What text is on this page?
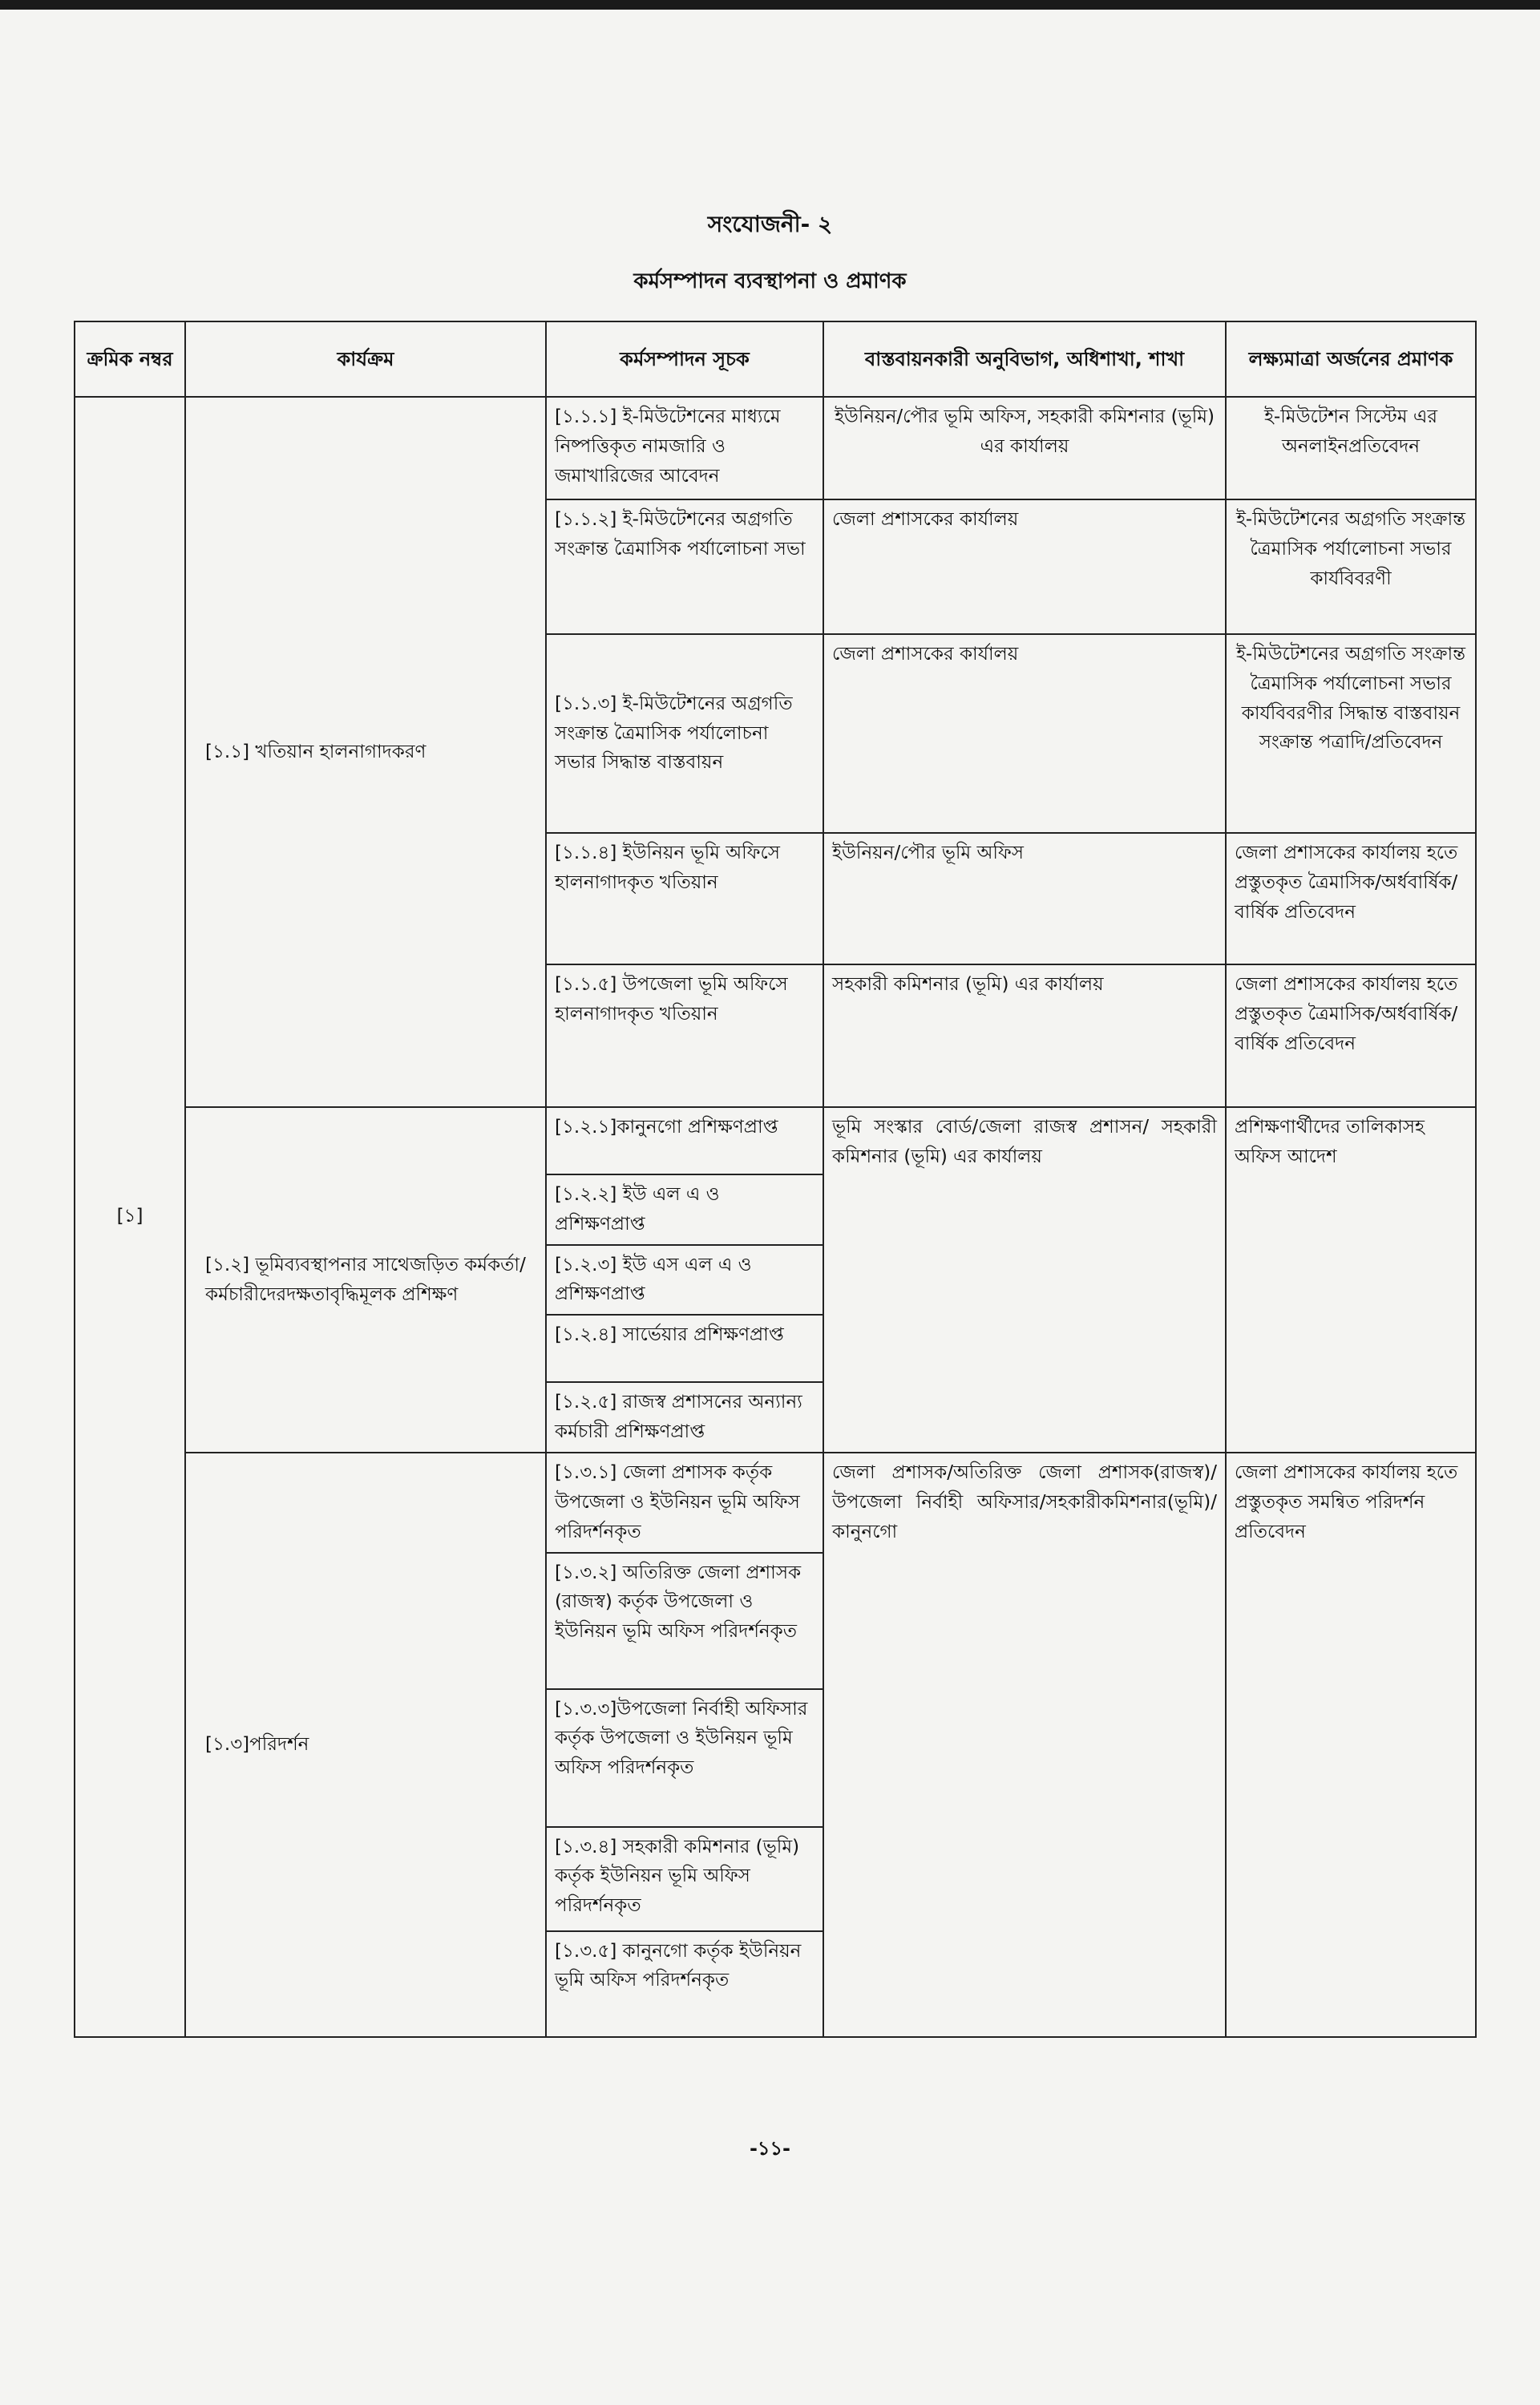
সংযোজনী- ২
কর্মসম্পাদন ব্যবস্থাপনা ও প্রমাণক
ক্রমিক নম্বর	কার্যক্রম	কর্মসম্পাদন সূচক	বাস্তবায়নকারী অনুবিভাগ, অধিশাখা, শাখা	লক্ষ্যমাত্রা অর্জনের প্রমাণক
[১]	[১.১] খতিয়ান হালনাগাদকরণ	[১.১.১] ই-মিউটেশনের মাধ্যমে নিষ্পত্তিকৃত নামজারি ও জমাখারিজের আবেদন	ইউনিয়ন/পৌর ভূমি অফিস, সহকারী কমিশনার (ভূমি) এর কার্যালয়	ই-মিউটেশন সিস্টেম এর অনলাইনপ্রতিবেদন
		[১.১.২] ই-মিউটেশনের অগ্রগতি সংক্রান্ত ত্রৈমাসিক পর্যালোচনা সভা	জেলা প্রশাসকের কার্যালয়	ই-মিউটেশনের অগ্রগতি সংক্রান্ত ত্রৈমাসিক পর্যালোচনা সভার কার্যবিবরণী
		[১.১.৩] ই-মিউটেশনের অগ্রগতি সংক্রান্ত ত্রৈমাসিক পর্যালোচনা সভার সিদ্ধান্ত বাস্তবায়ন	জেলা প্রশাসকের কার্যালয়	ই-মিউটেশনের অগ্রগতি সংক্রান্ত ত্রৈমাসিক পর্যালোচনা সভার কার্যবিবরণীর সিদ্ধান্ত বাস্তবায়ন সংক্রান্ত পত্রাদি/প্রতিবেদন
		[১.১.৪] ইউনিয়ন ভূমি অফিসে হালনাগাদকৃত খতিয়ান	ইউনিয়ন/পৌর ভূমি অফিস	জেলা প্রশাসকের কার্যালয় হতে প্রস্তুতকৃত ত্রৈমাসিক/অর্ধবার্ষিক/বার্ষিক প্রতিবেদন
		[১.১.৫] উপজেলা ভূমি অফিসে হালনাগাদকৃত খতিয়ান	সহকারী কমিশনার (ভূমি) এর কার্যালয়	জেলা প্রশাসকের কার্যালয় হতে প্রস্তুতকৃত ত্রৈমাসিক/অর্ধবার্ষিক/বার্ষিক প্রতিবেদন
	[১.২] ভূমিব্যবস্থাপনার সাথেজড়িত কর্মকর্তা/কর্মচারীদেরদক্ষতাবৃদ্ধিমূলক প্রশিক্ষণ	[১.২.১]কানুনগো প্রশিক্ষণপ্রাপ্ত	ভূমি সংস্কার বোর্ড/জেলা রাজস্ব প্রশাসন/ সহকারী কমিশনার (ভূমি) এর কার্যালয়	প্রশিক্ষণার্থীদের তালিকাসহ অফিস আদেশ
		[১.২.২] ইউ এল এ ও প্রশিক্ষণপ্রাপ্ত		
		[১.২.৩] ইউ এস এল এ ও প্রশিক্ষণপ্রাপ্ত		
		[১.২.৪] সার্ভেয়ার প্রশিক্ষণপ্রাপ্ত		
		[১.২.৫] রাজস্ব প্রশাসনের অন্যান্য কর্মচারী প্রশিক্ষণপ্রাপ্ত		
	[১.৩]পরিদর্শন	[১.৩.১] জেলা প্রশাসক কর্তৃক উপজেলা ও ইউনিয়ন ভূমি অফিস পরিদর্শনকৃত	জেলা প্রশাসক/অতিরিক্ত জেলা প্রশাসক(রাজস্ব)/উপজেলা নির্বাহী অফিসার/সহকারীকমিশনার(ভূমি)/কানুনগো	জেলা প্রশাসকের কার্যালয় হতে প্রস্তুতকৃত সমন্বিত পরিদর্শন প্রতিবেদন
		[১.৩.২] অতিরিক্ত জেলা প্রশাসক (রাজস্ব) কর্তৃক উপজেলা ও ইউনিয়ন ভূমি অফিস পরিদর্শনকৃত		
		[১.৩.৩]উপজেলা নির্বাহী অফিসার কর্তৃক উপজেলা ও ইউনিয়ন ভূমি অফিস পরিদর্শনকৃত		
		[১.৩.৪] সহকারী কমিশনার (ভূমি) কর্তৃক ইউনিয়ন ভূমি অফিস পরিদর্শনকৃত		
		[১.৩.৫] কানুনগো কর্তৃক ইউনিয়ন ভূমি অফিস পরিদর্শনকৃত		
-১১-
